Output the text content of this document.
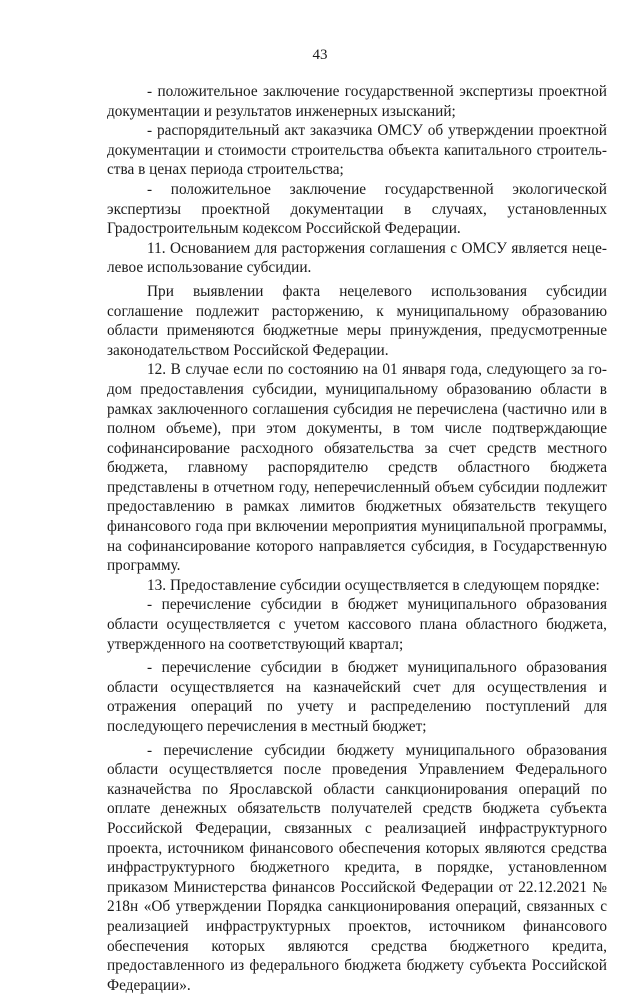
43

- положительное заключение государственной экспертизы проектной документации и результатов инженерных изысканий;

- распорядительный акт заказчика ОМСУ об утверждении проектной документации и стоимости строительства объекта капитального строительства в ценах периода строительства;

- положительное заключение государственной экологической экспертизы проектной документации в случаях, установленных Градостроительным кодексом Российской Федерации.

11. Основанием для расторжения соглашения с ОМСУ является нецелевое использование субсидии.

При выявлении факта нецелевого использования субсидии соглашение подлежит расторжению, к муниципальному образованию области применяются бюджетные меры принуждения, предусмотренные законодательством Российской Федерации.

12. В случае если по состоянию на 01 января года, следующего за годом предоставления субсидии, муниципальному образованию области в рамках заключенного соглашения субсидия не перечислена (частично или в полном объеме), при этом документы, в том числе подтверждающие софинансирование расходного обязательства за счет средств местного бюджета, главному распорядителю средств областного бюджета представлены в отчетном году, неперечисленный объем субсидии подлежит предоставлению в рамках лимитов бюджетных обязательств текущего финансового года при включении мероприятия муниципальной программы, на софинансирование которого направляется субсидия, в Государственную программу.

13. Предоставление субсидии осуществляется в следующем порядке:

- перечисление субсидии в бюджет муниципального образования области осуществляется с учетом кассового плана областного бюджета, утвержденного на соответствующий квартал;

- перечисление субсидии в бюджет муниципального образования области осуществляется на казначейский счет для осуществления и отражения операций по учету и распределению поступлений для последующего перечисления в местный бюджет;

- перечисление субсидии бюджету муниципального образования области осуществляется после проведения Управлением Федерального казначейства по Ярославской области санкционирования операций по оплате денежных обязательств получателей средств бюджета субъекта Российской Федерации, связанных с реализацией инфраструктурного проекта, источником финансового обеспечения которых являются средства инфраструктурного бюджетного кредита, в порядке, установленном приказом Министерства финансов Российской Федерации от 22.12.2021 № 218н «Об утверждении Порядка санкционирования операций, связанных с реализацией инфраструктурных проектов, источником финансового обеспечения которых являются средства бюджетного кредита, предоставленного из федерального бюджета бюджету субъекта Российской Федерации».
